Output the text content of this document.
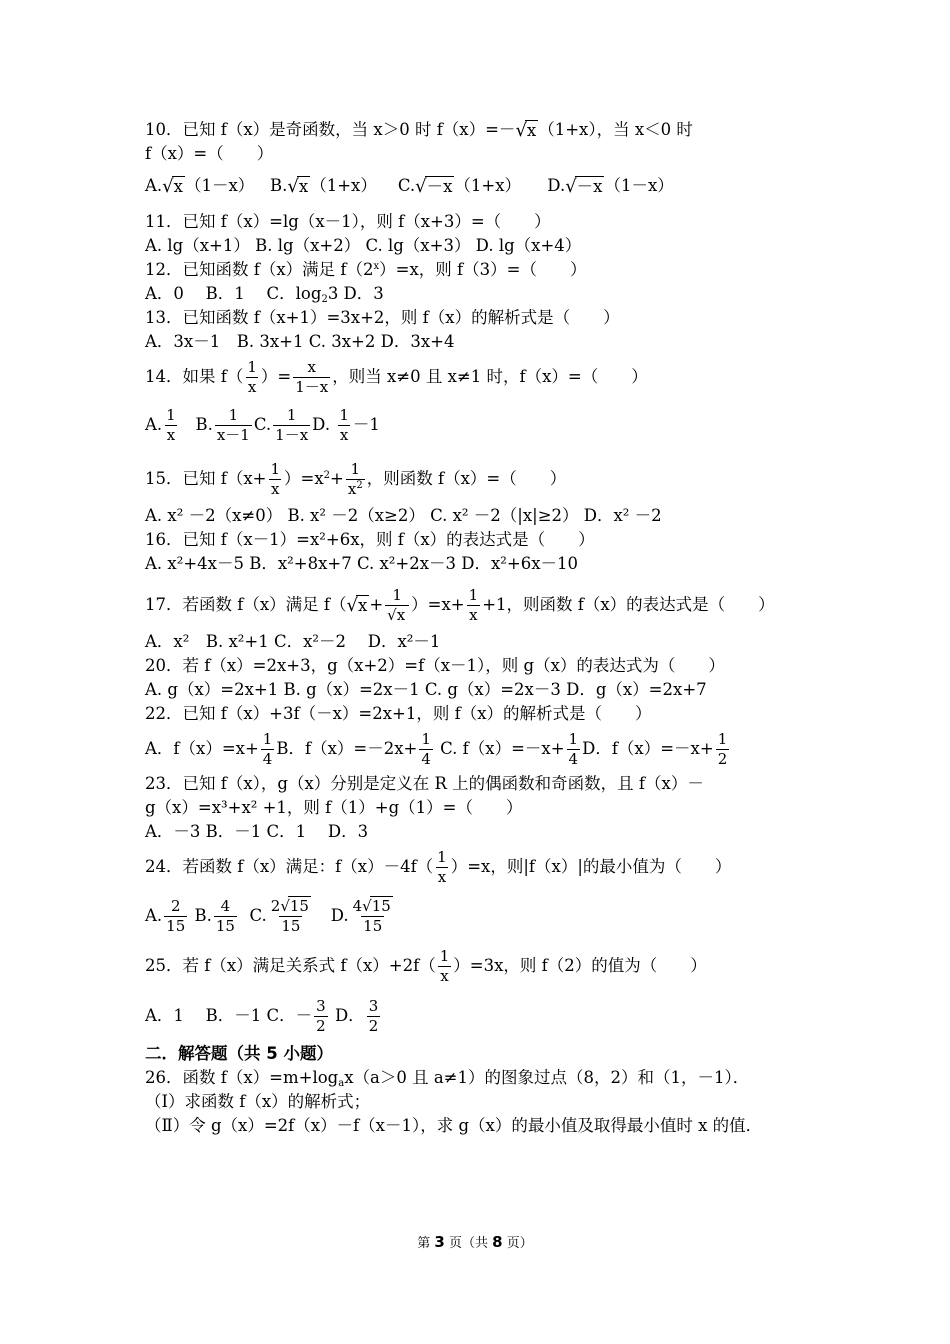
10．已知 f（x）是奇函数，当 x＞0 时 f（x）=－√x （1+x），当 x＜0 时
f（x）=（　　）
A.√x （1－x） B.√x （1+x） C.√－x （1+x） D.√－x （1－x）
11．已知 f（x）=lg（x－1），则 f（x+3）=（　　）
A. lg（x+1） B. lg（x+2） C. lg（x+3） D. lg（x+4）
12．已知函数 f（x）满足 $f(2^x)=x$，则 f（3）=（　　）
A．0　 B．1　 C．$\log_23$ D．3
13．已知函数 f（x+1）=3x+2，则 f（x）的解析式是（　　）
A．3x－1　B. 3x+1 C. 3x+2 D．3x+4
14．如果 $f( \frac{1}{x}$ ）= $\frac{x}{1-x}$ ，则当 x≠0 且 x≠1 时，f（x）=（　　）
A. $\frac{1}{x} B$. $\frac{1}{x-1} C$. $\frac{1}{1-x} D$. $\frac{1}{x} -1$
15．已知 $f(x+ \frac{1}{x} )=x^2+ \frac{1}{x^2}$ ，则函数 f（x）=（　　）
A. x² －2（x≠0） B. x² －2（x≥2） C. x² －2（|x|≥2） D．x² －2
16．已知 f（x－1）=x²+6x，则 f（x）的表达式是（　　）
A. x²+4x－5 B．x²+8x+7 C. x²+2x－3 D．x²+6x－10
17．若函数 f（x）满足 $f(√x + \frac{1}{√x} )=x+ \frac{1}{x} +1$，则函数 f（x）的表达式是（　　）
A．x²　B. x²+1 C．x²－2　 D．x²－1
20．若 f（x）=2x+3，g（x+2）=f（x－1），则 g（x）的表达式为（　　）
A. g（x）=2x+1 B. g（x）=2x－1 C. g（x）=2x－3 D．g（x）=2x+7
22．已知 f（x）+3f（－x）=2x+1，则 f（x）的解析式是（　　）
A．$f(x)=x+ \frac{1}{4}$ B．$f(x)=-2x+ \frac{1}{4} C$. $f(x)=-x+ \frac{1}{4}$ D．$f(x)=-x+ \frac{1}{2}$
23．已知 f（x），g（x）分别是定义在 R 上的偶函数和奇函数，且 f（x）－
g（x）=x³+x² +1，则 f（1）+g（1）=（　　）
A．－3 B．－1 C．1　 D．3
24．若函数 f（x）满足：$f(x)-4f( \frac{1}{x} )=x$，则|f（x）|的最小值为（　　）
A. $\frac{2}{15} B$. $\frac{4}{15} C$. $\frac{2√15}{15} D$. $\frac{4√15}{15}$
25．若 f（x）满足关系式 $f(x)+2f( \frac{1}{x} )=3x$，则 f（2）的值为（　　）
A．1　 B．－1 C．－ $\frac{3}{2}$ D． $\frac{3}{2}$
二．解答题（共 5 小题）
26．函数 $f(x)=m+\log_ax(a>0$ 且 a≠1）的图象过点（8，2）和（1，－1）．
（Ⅰ）求函数 f（x）的解析式；
（Ⅱ）令 g（x）=2f（x）－f（x－1），求 g（x）的最小值及取得最小值时 x 的值．
第 3 页（共 8 页）
